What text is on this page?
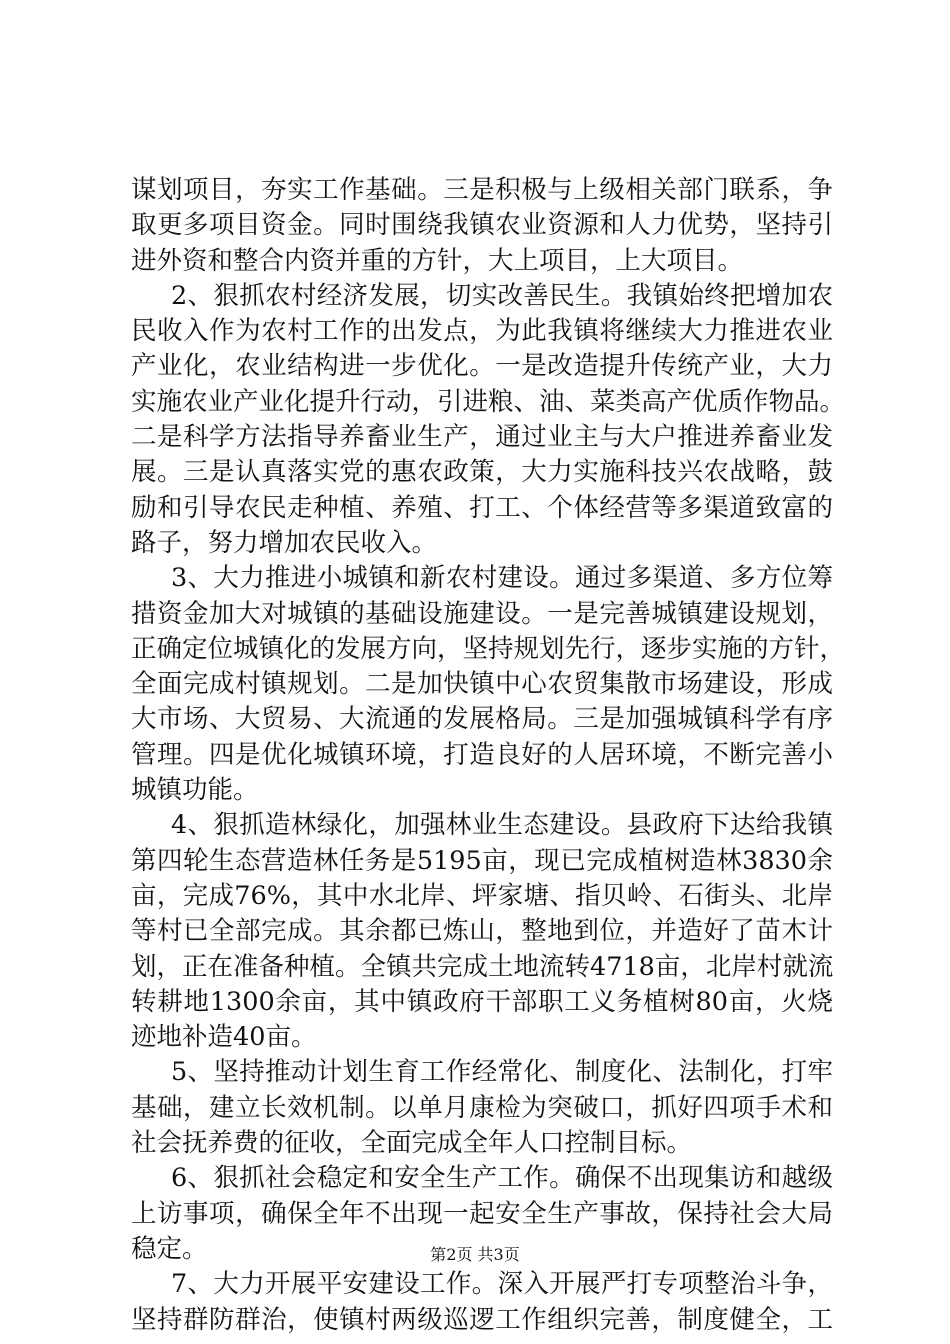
谋划项目，夯实工作基础。三是积极与上级相关部门联系，争
取更多项目资金。同时围绕我镇农业资源和人力优势，坚持引
进外资和整合内资并重的方针，大上项目，上大项目。
2、狠抓农村经济发展，切实改善民生。我镇始终把增加农
民收入作为农村工作的出发点，为此我镇将继续大力推进农业
产业化，农业结构进一步优化。一是改造提升传统产业，大力
实施农业产业化提升行动，引进粮、油、菜类高产优质作物品。
二是科学方法指导养畜业生产，通过业主与大户推进养畜业发
展。三是认真落实党的惠农政策，大力实施科技兴农战略，鼓
励和引导农民走种植、养殖、打工、个体经营等多渠道致富的
路子，努力增加农民收入。
3、大力推进小城镇和新农村建设。通过多渠道、多方位筹
措资金加大对城镇的基础设施建设。一是完善城镇建设规划，
正确定位城镇化的发展方向，坚持规划先行，逐步实施的方针，
全面完成村镇规划。二是加快镇中心农贸集散市场建设，形成
大市场、大贸易、大流通的发展格局。三是加强城镇科学有序
管理。四是优化城镇环境，打造良好的人居环境，不断完善小
城镇功能。
4、狠抓造林绿化，加强林业生态建设。县政府下达给我镇
第四轮生态营造林任务是5195亩，现已完成植树造林3830余
亩，完成76%，其中水北岸、坪家塘、指贝岭、石街头、北岸
等村已全部完成。其余都已炼山，整地到位，并造好了苗木计
划，正在准备种植。全镇共完成土地流转4718亩，北岸村就流
转耕地1300余亩，其中镇政府干部职工义务植树80亩，火烧
迹地补造40亩。
5、坚持推动计划生育工作经常化、制度化、法制化，打牢
基础，建立长效机制。以单月康检为突破口，抓好四项手术和
社会抚养费的征收，全面完成全年人口控制目标。
6、狠抓社会稳定和安全生产工作。确保不出现集访和越级
上访事项，确保全年不出现一起安全生产事故，保持社会大局
稳定。
7、大力开展平安建设工作。深入开展严打专项整治斗争，
坚持群防群治，使镇村两级巡逻工作组织完善，制度健全，工
第2页 共3页
